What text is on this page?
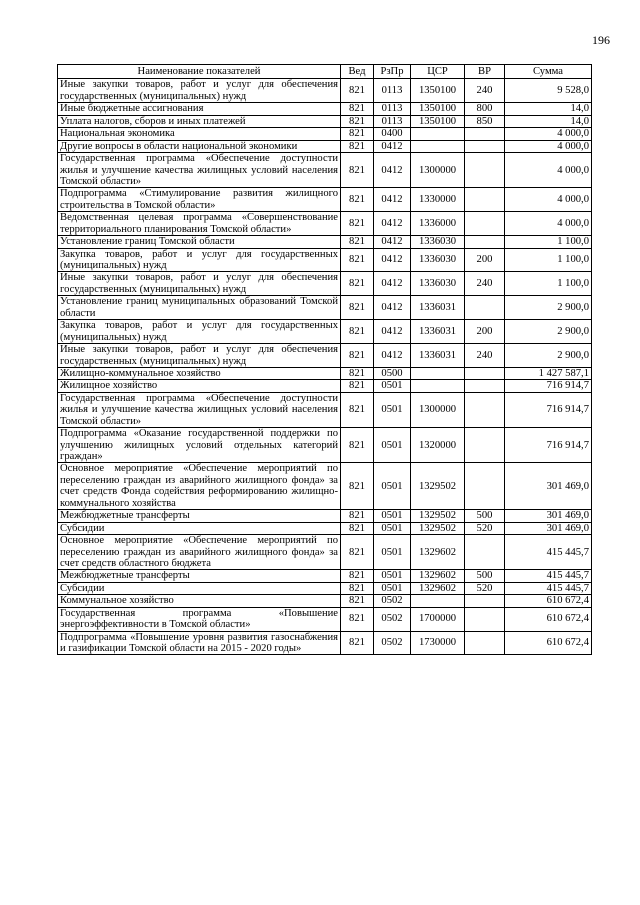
196
Наименование показателей	Вед	РзПр	ЦСР	ВР	Сумма
Иные закупки товаров, работ и услуг для обеспечения государственных (муниципальных) нужд	821	0113	1350100	240	9 528,0
Иные бюджетные ассигнования	821	0113	1350100	800	14,0
Уплата налогов, сборов и иных платежей	821	0113	1350100	850	14,0
Национальная экономика	821	0400			4 000,0
Другие вопросы в области национальной экономики	821	0412			4 000,0
Государственная программа «Обеспечение доступности жилья и улучшение качества жилищных условий населения Томской области»	821	0412	1300000		4 000,0
Подпрограмма «Стимулирование развития жилищного строительства в Томской области»	821	0412	1330000		4 000,0
Ведомственная целевая программа «Совершенствование территориального планирования Томской области»	821	0412	1336000		4 000,0
Установление границ Томской области	821	0412	1336030		1 100,0
Закупка товаров, работ и услуг для государственных (муниципальных) нужд	821	0412	1336030	200	1 100,0
Иные закупки товаров, работ и услуг для обеспечения государственных (муниципальных) нужд	821	0412	1336030	240	1 100,0
Установление границ муниципальных образований Томской области	821	0412	1336031		2 900,0
Закупка товаров, работ и услуг для государственных (муниципальных) нужд	821	0412	1336031	200	2 900,0
Иные закупки товаров, работ и услуг для обеспечения государственных (муниципальных) нужд	821	0412	1336031	240	2 900,0
Жилищно-коммунальное хозяйство	821	0500			1 427 587,1
Жилищное хозяйство	821	0501			716 914,7
Государственная программа «Обеспечение доступности жилья и улучшение качества жилищных условий населения Томской области»	821	0501	1300000		716 914,7
Подпрограмма «Оказание государственной поддержки по улучшению жилищных условий отдельных категорий граждан»	821	0501	1320000		716 914,7
Основное мероприятие «Обеспечение мероприятий по переселению граждан из аварийного жилищного фонда» за счет средств Фонда содействия реформированию жилищно-коммунального хозяйства	821	0501	1329502		301 469,0
Межбюджетные трансферты	821	0501	1329502	500	301 469,0
Субсидии	821	0501	1329502	520	301 469,0
Основное мероприятие «Обеспечение мероприятий по переселению граждан из аварийного жилищного фонда» за счет средств областного бюджета	821	0501	1329602		415 445,7
Межбюджетные трансферты	821	0501	1329602	500	415 445,7
Субсидии	821	0501	1329602	520	415 445,7
Коммунальное хозяйство	821	0502			610 672,4
Государственная программа «Повышение энергоэффективности в Томской области»	821	0502	1700000		610 672,4
Подпрограмма «Повышение уровня развития газоснабжения и газификации Томской области на 2015 - 2020 годы»	821	0502	1730000		610 672,4
